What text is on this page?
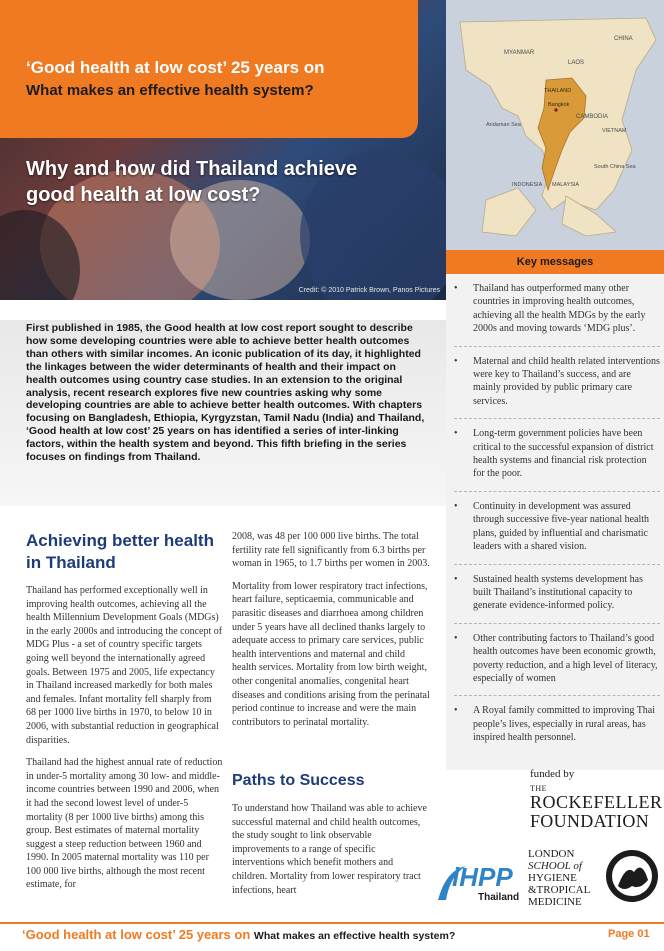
‘Good health at low cost’ 25 years on
What makes an effective health system?
Why and how did Thailand achieve good health at low cost?
Credit: © 2010 Patrick Brown, Panos Pictures
CHINA
MYANMAR
LAOS
THAILAND
Bangkok
Andaman Sea
CAMBODIA
VIETNAM
South China Sea
INDONESIA MALAYSIA
Key messages
• Thailand has outperformed many other countries in improving health outcomes, achieving all the health MDGs by the early 2000s and moving towards ‘MDG plus’.
• Maternal and child health related interventions were key to Thailand’s success, and are mainly provided by public primary care services.
• Long-term government policies have been critical to the successful expansion of district health systems and financial risk protection for the poor.
• Continuity in development was assured through successive five-year national health plans, guided by influential and charismatic leaders with a shared vision.
• Sustained health systems development has built Thailand’s institutional capacity to generate evidence-informed policy.
• Other contributing factors to Thailand’s good health outcomes have been economic growth, poverty reduction, and a high level of literacy, especially of women
• A Royal family committed to improving Thai people’s lives, especially in rural areas, has inspired health personnel.
First published in 1985, the Good health at low cost report sought to describe how some developing countries were able to achieve better health outcomes than others with similar incomes. An iconic publication of its day, it highlighted the linkages between the wider determinants of health and their impact on health outcomes using country case studies. In an extension to the original analysis, recent research explores five new countries asking why some developing countries are able to achieve better health outcomes. With chapters focusing on Bangladesh, Ethiopia, Kyrgyzstan, Tamil Nadu (India) and Thailand, ‘Good health at low cost’ 25 years on has identified a series of inter-linking factors, within the health system and beyond. This fifth briefing in the series focuses on findings from Thailand.
Achieving better health in Thailand

Thailand has performed exceptionally well in improving health outcomes, achieving all the health Millennium Development Goals (MDGs) in the early 2000s and introducing the concept of MDG Plus - a set of country specific targets going well beyond the internationally agreed goals. Between 1975 and 2005, life expectancy in Thailand increased markedly for both males and females. Infant mortality fell sharply from 68 per 1000 live births in 1970, to below 10 in 2006, with substantial reduction in geographical disparities.

Thailand had the highest annual rate of reduction in under-5 mortality among 30 low- and middle-income countries between 1990 and 2006, when it had the second lowest level of under-5 mortality (8 per 1000 live births) among this group. Best estimates of maternal mortality suggest a steep reduction between 1960 and 1990. In 2005 maternal mortality was 110 per 100 000 live births, although the most recent estimate, for

2008, was 48 per 100 000 live births. The total fertility rate fell significantly from 6.3 births per woman in 1965, to 1.7 births per women in 2003.

Mortality from lower respiratory tract infections, heart failure, septicaemia, communicable and parasitic diseases and diarrhoea among children under 5 years have all declined thanks largely to adequate access to primary care services, public health interventions and maternal and child health services. Mortality from low birth weight, other congenital anomalies, congenital heart diseases and conditions arising from the perinatal period continue to increase and were the main contributors to perinatal mortality.

Paths to Success

To understand how Thailand was able to achieve successful maternal and child health outcomes, the study sought to link observable improvements to a range of specific interventions which benefit mothers and children. Mortality from lower respiratory tract infections, heart

funded by
THE
ROCKEFELLER
FOUNDATION
LONDON
SCHOOL of
HYGIENE
&TROPICAL
MEDICINE
iHPP
Thailand
‘Good health at low cost’ 25 years on What makes an effective health system?	Page 01
